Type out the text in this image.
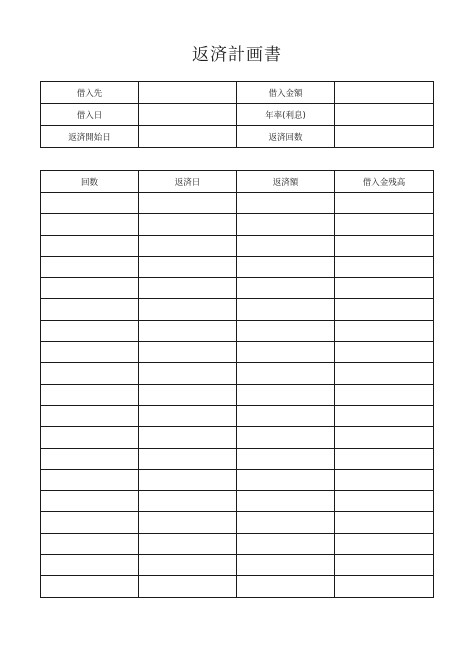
返済計画書
借入先		借入金額	
借入日		年率(利息)	
返済開始日		返済回数	
回数	返済日	返済額	借入金残高
